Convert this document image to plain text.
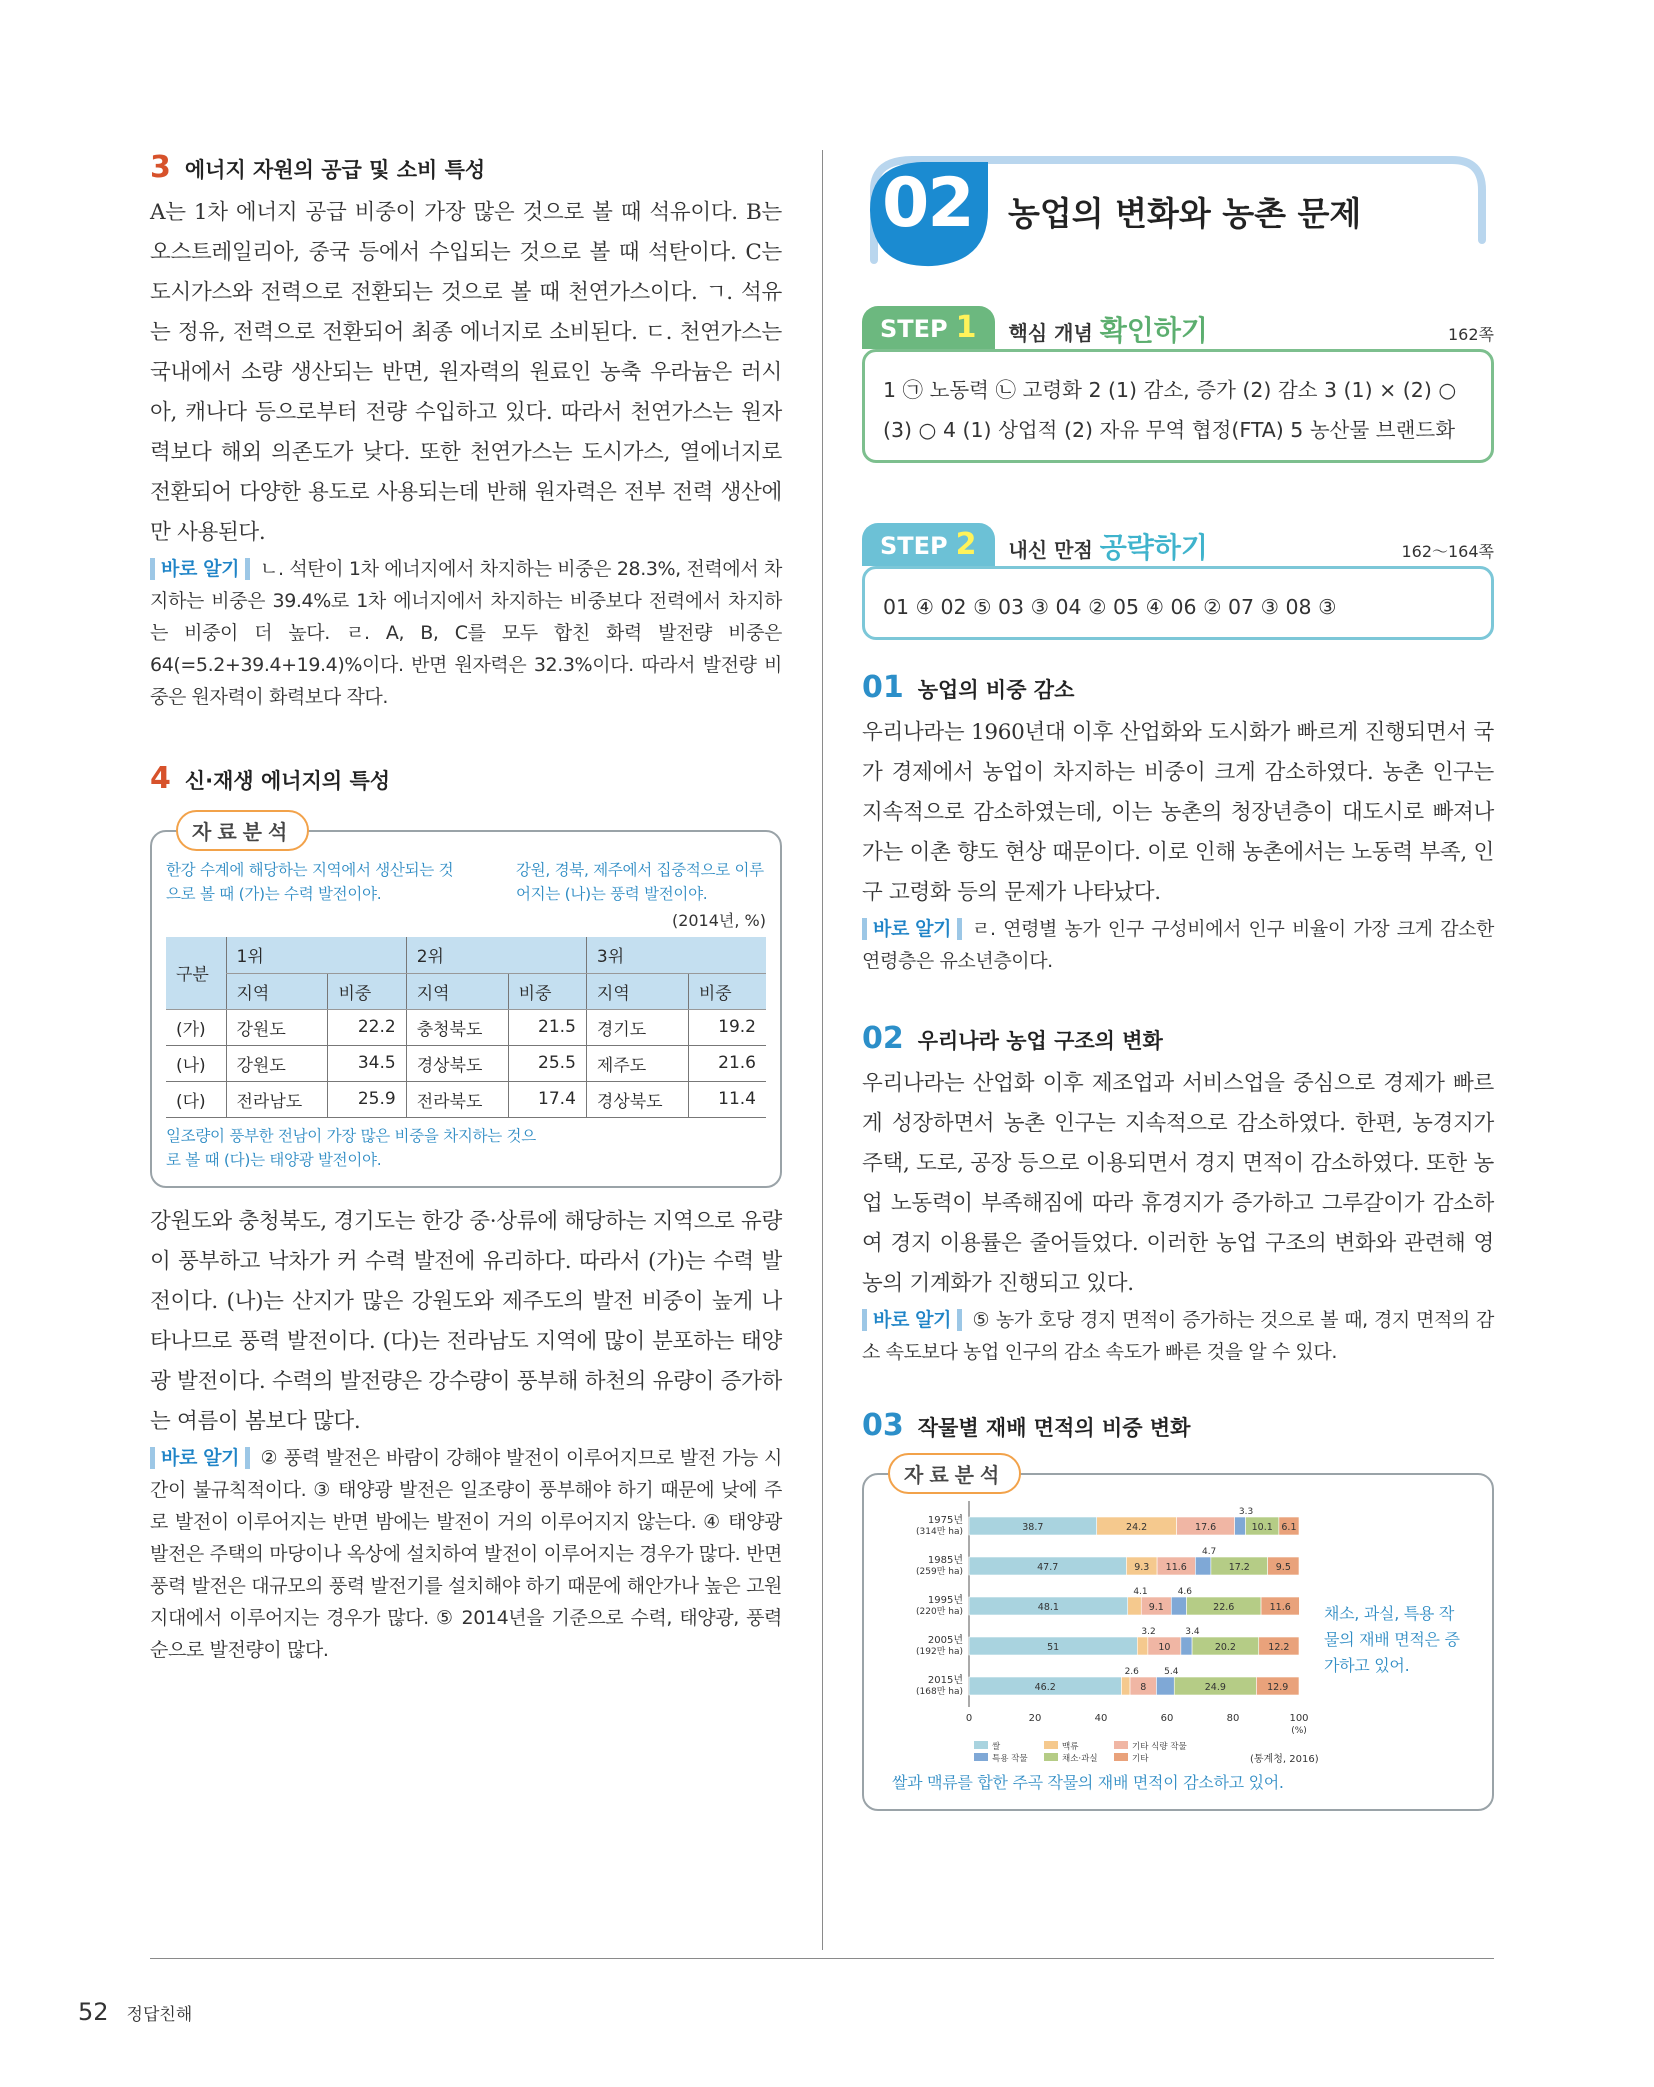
3 에너지 자원의 공급 및 소비 특성

A는 1차 에너지 공급 비중이 가장 많은 것으로 볼 때 석유이다. B는 오스트레일리아, 중국 등에서 수입되는 것으로 볼 때 석탄이다. C는 도시가스와 전력으로 전환되는 것으로 볼 때 천연가스이다. ㄱ. 석유는 정유, 전력으로 전환되어 최종 에너지로 소비된다. ㄷ. 천연가스는 국내에서 소량 생산되는 반면, 원자력의 원료인 농축 우라늄은 러시아, 캐나다 등으로부터 전량 수입하고 있다. 따라서 천연가스는 원자력보다 해외 의존도가 낮다. 또한 천연가스는 도시가스, 열에너지로 전환되어 다양한 용도로 사용되는데 반해 원자력은 전부 전력 생산에만 사용된다.

바로 알기 ㄴ. 석탄이 1차 에너지에서 차지하는 비중은 28.3%, 전력에서 차지하는 비중은 39.4%로 1차 에너지에서 차지하는 비중보다 전력에서 차지하는 비중이 더 높다. ㄹ. A, B, C를 모두 합친 화력 발전량 비중은 64(=5.2+39.4+19.4)%이다. 반면 원자력은 32.3%이다. 따라서 발전량 비중은 원자력이 화력보다 작다.

4 신·재생 에너지의 특성
자료분석

한강 수계에 해당하는 지역에서 생산되는 것으로 볼 때 (가)는 수력 발전이야.

강원, 경북, 제주에서 집중적으로 이루어지는 (나)는 풍력 발전이야.

(2014년, %)

구분	1위		2위		3위	
	지역	비중	지역	비중	지역	비중
(가)	강원도	22.2	충청북도	21.5	경기도	19.2
(나)	강원도	34.5	경상북도	25.5	제주도	21.6
(다)	전라남도	25.9	전라북도	17.4	경상북도	11.4

일조량이 풍부한 전남이 가장 많은 비중을 차지하는 것으로 볼 때 (다)는 태양광 발전이야.

강원도와 충청북도, 경기도는 한강 중·상류에 해당하는 지역으로 유량이 풍부하고 낙차가 커 수력 발전에 유리하다. 따라서 (가)는 수력 발전이다. (나)는 산지가 많은 강원도와 제주도의 발전 비중이 높게 나타나므로 풍력 발전이다. (다)는 전라남도 지역에 많이 분포하는 태양광 발전이다. 수력의 발전량은 강수량이 풍부해 하천의 유량이 증가하는 여름이 봄보다 많다.

바로 알기 ② 풍력 발전은 바람이 강해야 발전이 이루어지므로 발전 가능 시간이 불규칙적이다. ③ 태양광 발전은 일조량이 풍부해야 하기 때문에 낮에 주로 발전이 이루어지는 반면 밤에는 발전이 거의 이루어지지 않는다. ④ 태양광 발전은 주택의 마당이나 옥상에 설치하여 발전이 이루어지는 경우가 많다. 반면 풍력 발전은 대규모의 풍력 발전기를 설치해야 하기 때문에 해안가나 높은 고원 지대에서 이루어지는 경우가 많다. ⑤ 2014년을 기준으로 수력, 태양광, 풍력 순으로 발전량이 많다.

02 농업의 변화와 농촌 문제
STEP 1	핵심 개념 확인하기	162쪽

1 ㉠ 노동력 ㉡ 고령화 2 (1) 감소, 증가 (2) 감소 3 (1) × (2) ○ (3) ○ 4 (1) 상업적 (2) 자유 무역 협정(FTA) 5 농산물 브랜드화

STEP 2	내신 만점 공략하기	162～164쪽

01 ④ 02 ⑤ 03 ③ 04 ② 05 ④ 06 ② 07 ③ 08 ③

01 농업의 비중 감소

우리나라는 1960년대 이후 산업화와 도시화가 빠르게 진행되면서 국가 경제에서 농업이 차지하는 비중이 크게 감소하였다. 농촌 인구는 지속적으로 감소하였는데, 이는 농촌의 청장년층이 대도시로 빠져나가는 이촌 향도 현상 때문이다. 이로 인해 농촌에서는 노동력 부족, 인구 고령화 등의 문제가 나타났다.

바로 알기 ㄹ. 연령별 농가 인구 구성비에서 인구 비율이 가장 크게 감소한 연령층은 유소년층이다.

02 우리나라 농업 구조의 변화

우리나라는 산업화 이후 제조업과 서비스업을 중심으로 경제가 빠르게 성장하면서 농촌 인구는 지속적으로 감소하였다. 한편, 농경지가 주택, 도로, 공장 등으로 이용되면서 경지 면적이 감소하였다. 또한 농업 노동력이 부족해짐에 따라 휴경지가 증가하고 그루갈이가 감소하여 경지 이용률은 줄어들었다. 이러한 농업 구조의 변화와 관련해 영농의 기계화가 진행되고 있다.

바로 알기 ⑤ 농가 호당 경지 면적이 증가하는 것으로 볼 때, 경지 면적의 감소 속도보다 농업 인구의 감소 속도가 빠른 것을 알 수 있다.

03 작물별 재배 면적의 비중 변화
자료분석
0	20	40	60	80	100
(%)
1975년
(314만 ha)	38.7	24.2	17.6
3.3
10.1 6.1
1985년
(259만 ha)	47.7	9.3 11.6
4.7
17.2	9.5
1995년
(220만 ha)	48.1
4.1
9.1
4.6
22.6	11.6
2005년
(192만 ha)	51
3.2
10
3.4
20.2	12.2
2015년
(168만 ha)	46.2
2.6
8
5.4
24.9	12.9
쌀	맥류	기타 식량 작물
특용 작물	채소·과실	기타

채소, 과실, 특용 작물의 재배 면적은 증가하고 있어.

쌀과 맥류를 합한 주곡 작물의 재배 면적이 감소하고 있어.

(통계청, 2016)

52 정답친해
